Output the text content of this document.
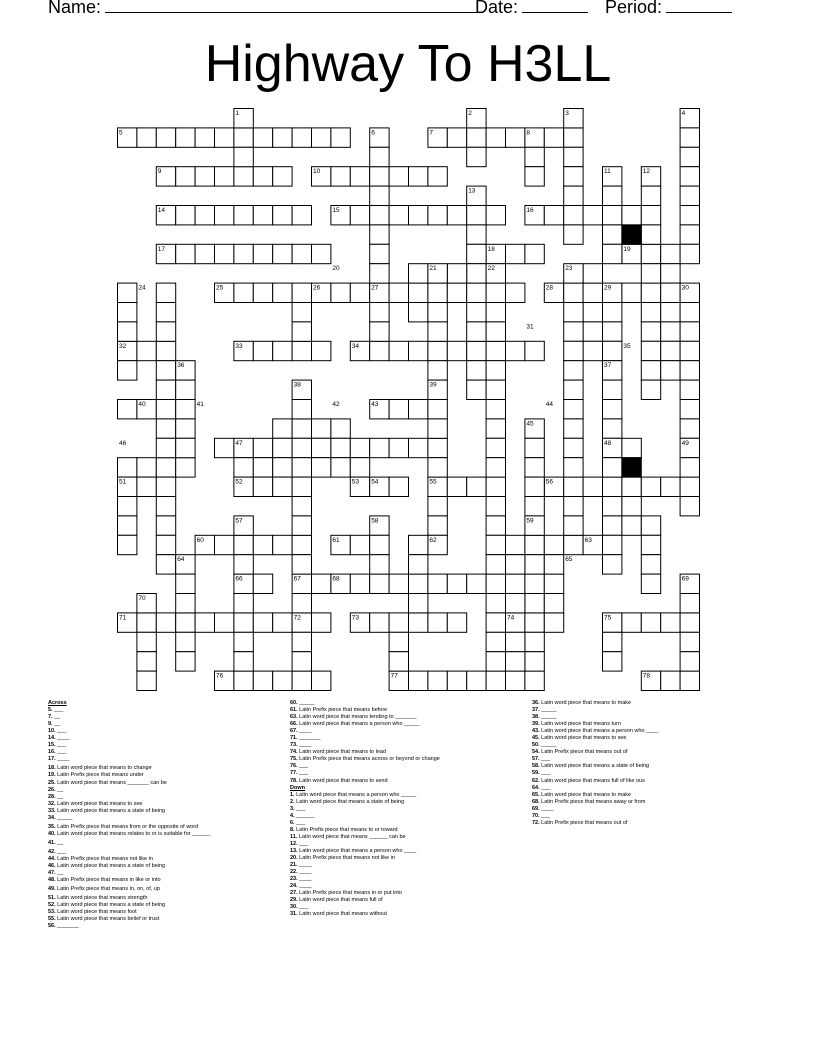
Name:	Date:	Period:
Highway To H3LL
1	2	3	4
5	6	7	8
9	10	11	12
13
14	15	16
17	18	19
20	21	22	23
24	25	26	27	28	29	30
31
32	33	34	35
36	37
38	39
40	41	42	43	44
45
46	47	48	49
50
51	52	53 54	55	56
57	58	59
60	61	62	63
64	65
66	67	68	69
70
71	72	73	74	75
76	77	78
Across
5. ___
7. __
9. __
10. ___
14. ____
15. ___
16. ___
17. ____
18. Latin word piece that means to change
19. Latin Prefix piece that means under
25. Latin word piece that means _______ can be
26. __
28. __
32. Latin word piece that means to see
33. Latin word piece that means a state of being
34. _____
35. Latin Prefix piece that means from or the opposite of word
40. Latin word piece that means relates to or is suitable for ______
41. __
42. ___
44. Latin Prefix piece that means not like in
46. Latin word piece that means a state of being
47. __
48. Latin Prefix piece that means in like or into
49. Latin Prefix piece that means in, on, of, up
51. Latin word piece that means strength
52. Latin word piece that means a state of being
53. Latin word piece that means foot
55. Latin word piece that means belief or trust
56. _______
60. _____
61. Latin Prefix piece that means before
63. Latin word piece that means tending to _______
66. Latin word piece that means a person who _____
67. ____
71. _______
73. ____
74. Latin word piece that means to lead
75. Latin Prefix piece that means across or beyond or change
76. ___
77. ___
78. Latin word piece that means to send
Down
1. Latin word piece that means a person who _____
2. Latin word piece that means a state of being
3. ___
4. ______
6. ___
8. Latin Prefix piece that means to or toward
11. Latin word piece that means ______ can be
12. ___
13. Latin word piece that means a person who ____
20. Latin Prefix piece that means not like in
21. ____
22. ____
23. ____
24. ____
27. Latin Prefix piece that means in or put into
29. Latin word piece that means full of
30. ___
31. Latin word piece that means without
36. Latin word piece that means to make
37. _____
38. _____
39. Latin word piece that means turn
43. Latin word piece that means a person who ____
45. Latin word piece that means to see
50. _____
54. Latin Prefix piece that means out of
57. ___
58. Latin word piece that means a state of being
59. ___
62. Latin word piece that means full of like ous
64. ___
65. Latin word piece that means to make
68. Latin Prefix piece that means away or from
69. ____
70. ___
72. Latin Prefix piece that means out of
